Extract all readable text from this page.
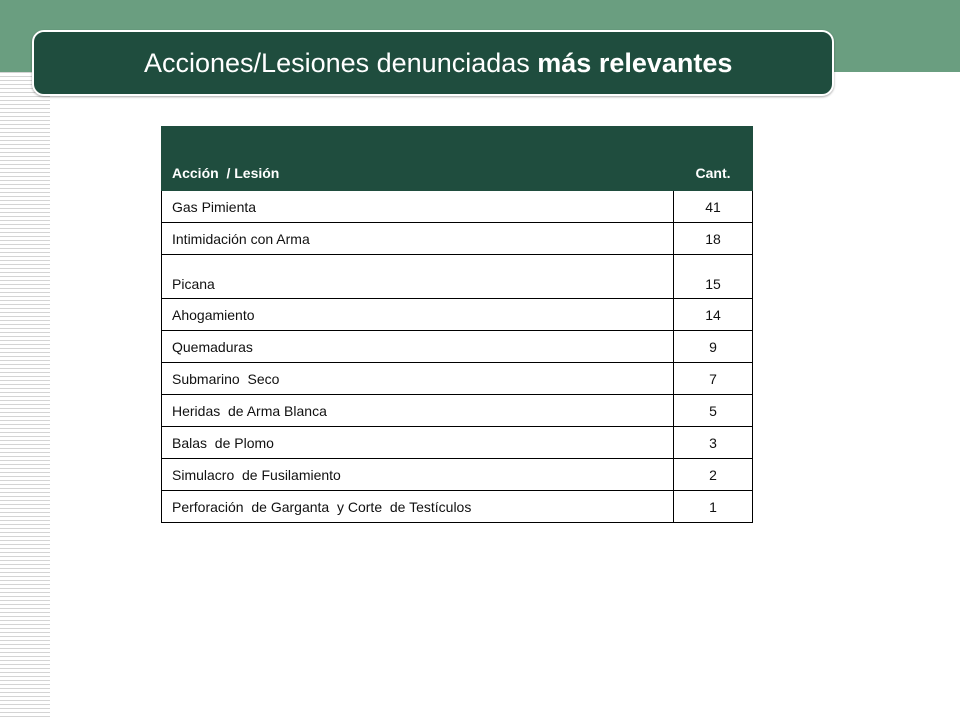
Acciones/Lesiones denunciadas más relevantes
Acción  / Lesión	Cant.
Gas Pimienta	41
Intimidación con Arma	18
Picana	15
Ahogamiento	14
Quemaduras	9
Submarino  Seco	7
Heridas  de Arma Blanca	5
Balas  de Plomo	3
Simulacro  de Fusilamiento	2
Perforación  de Garganta  y Corte  de Testículos	1
